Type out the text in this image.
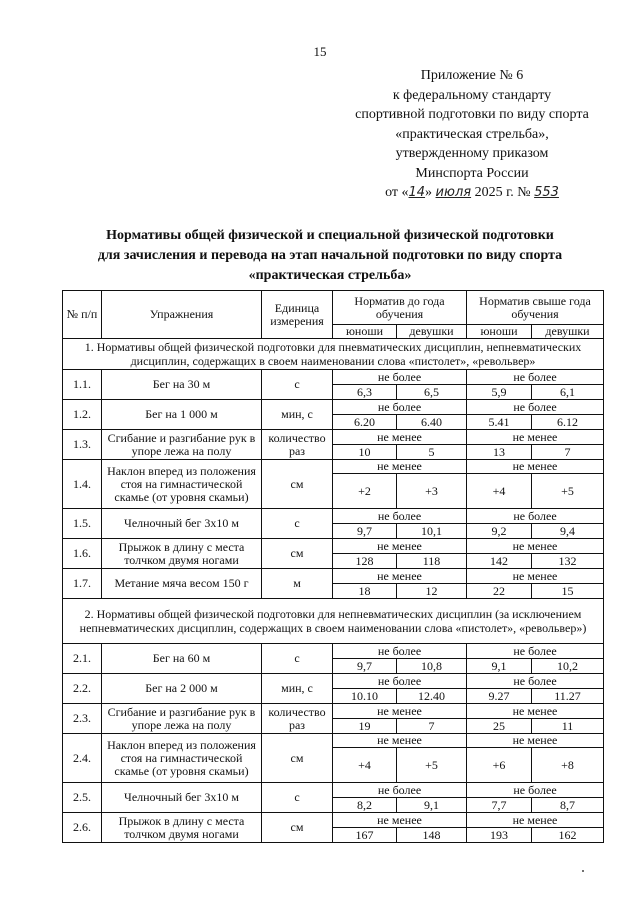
15
Приложение № 6
к федеральному стандарту
спортивной подготовки по виду спорта
«практическая стрельба»,
утвержденному приказом
Минспорта России
от «14» июля 2025 г. № 553
Нормативы общей физической и специальной физической подготовки
для зачисления и перевода на этап начальной подготовки по виду спорта
«практическая стрельба»
№ п/п	Упражнения	Единица измерения	Норматив до года обучения		Норматив свыше года обучения	
			юноши	девушки	юноши	девушки
1. Нормативы общей физической подготовки для пневматических дисциплин, непневматических дисциплин, содержащих в своем наименовании слова «пистолет», «револьвер»						
1.1.	Бег на 30 м	с	не более		не более	
			6,3	6,5	5,9	6,1
1.2.	Бег на 1 000 м	мин, с	не более		не более	
			6.20	6.40	5.41	6.12
1.3.	Сгибание и разгибание рук в упоре лежа на полу	количество раз	не менее		не менее	
			10	5	13	7
1.4.	Наклон вперед из положения стоя на гимнастической скамье (от уровня скамьи)	см	не менее		не менее	
			+2	+3	+4	+5
1.5.	Челночный бег 3х10 м	с	не более		не более	
			9,7	10,1	9,2	9,4
1.6.	Прыжок в длину с места толчком двумя ногами	см	не менее		не менее	
			128	118	142	132
1.7.	Метание мяча весом 150 г	м	не менее		не менее	
			18	12	22	15
2. Нормативы общей физической подготовки для непневматических дисциплин (за исключением непневматических дисциплин, содержащих в своем наименовании слова «пистолет», «револьвер»)						
2.1.	Бег на 60 м	с	не более		не более	
			9,7	10,8	9,1	10,2
2.2.	Бег на 2 000 м	мин, с	не более		не более	
			10.10	12.40	9.27	11.27
2.3.	Сгибание и разгибание рук в упоре лежа на полу	количество раз	не менее		не менее	
			19	7	25	11
2.4.	Наклон вперед из положения стоя на гимнастической скамье (от уровня скамьи)	см	не менее		не менее	
			+4	+5	+6	+8
2.5.	Челночный бег 3х10 м	с	не более		не более	
			8,2	9,1	7,7	8,7
2.6.	Прыжок в длину с места толчком двумя ногами	см	не менее		не менее	
			167	148	193	162
